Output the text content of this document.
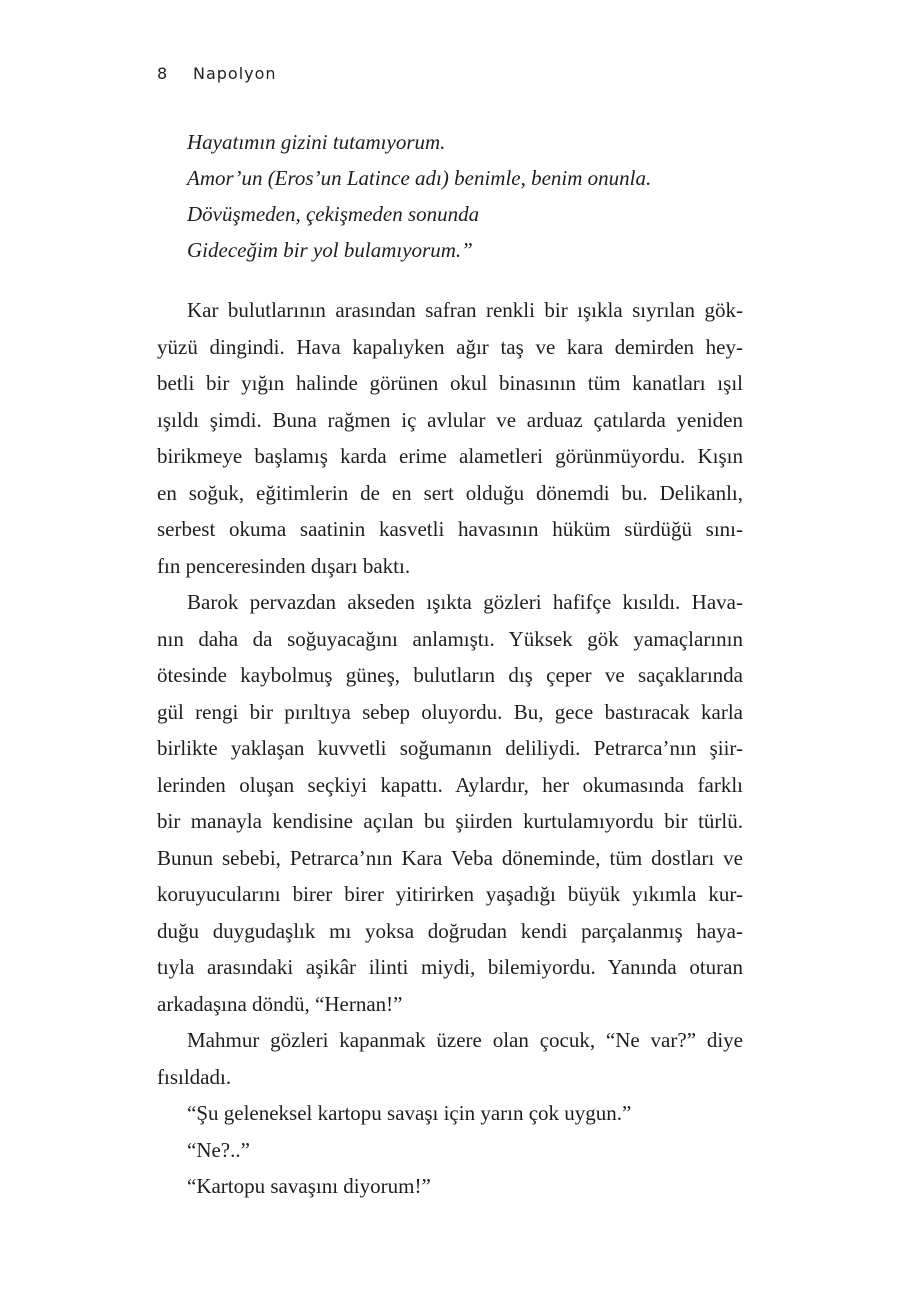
8 Napolyon
Hayatımın gizini tutamıyorum.
Amor’un (Eros’un Latince adı) benimle, benim onunla.
Dövüşmeden, çekişmeden sonunda
Gideceğim bir yol bulamıyorum.”
Kar bulutlarının arasından safran renkli bir ışıkla sıyrılan gök-
yüzü dingindi. Hava kapalıyken ağır taş ve kara demirden hey-
betli bir yığın halinde görünen okul binasının tüm kanatları ışıl
ışıldı şimdi. Buna rağmen iç avlular ve arduaz çatılarda yeniden
birikmeye başlamış karda erime alametleri görünmüyordu. Kışın
en soğuk, eğitimlerin de en sert olduğu dönemdi bu. Delikanlı,
serbest okuma saatinin kasvetli havasının hüküm sürdüğü sını-
fın penceresinden dışarı baktı.
Barok pervazdan akseden ışıkta gözleri hafifçe kısıldı. Hava-
nın daha da soğuyacağını anlamıştı. Yüksek gök yamaçlarının
ötesinde kaybolmuş güneş, bulutların dış çeper ve saçaklarında
gül rengi bir pırıltıya sebep oluyordu. Bu, gece bastıracak karla
birlikte yaklaşan kuvvetli soğumanın deliliydi. Petrarca’nın şiir-
lerinden oluşan seçkiyi kapattı. Aylardır, her okumasında farklı
bir manayla kendisine açılan bu şiirden kurtulamıyordu bir türlü.
Bunun sebebi, Petrarca’nın Kara Veba döneminde, tüm dostları ve
koruyucularını birer birer yitirirken yaşadığı büyük yıkımla kur-
duğu duygudaşlık mı yoksa doğrudan kendi parçalanmış haya-
tıyla arasındaki aşikâr ilinti miydi, bilemiyordu. Yanında oturan
arkadaşına döndü, “Hernan!”
Mahmur gözleri kapanmak üzere olan çocuk, “Ne var?” diye
fısıldadı.

“Şu geleneksel kartopu savaşı için yarın çok uygun.”

“Ne?..”

“Kartopu savaşını diyorum!”
